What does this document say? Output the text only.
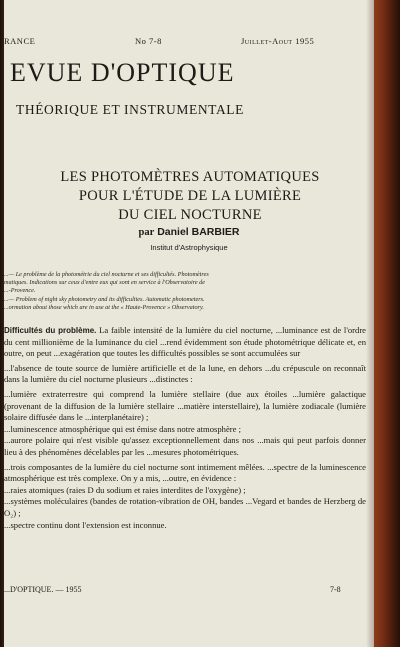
RANCE	No 7-8	Juillet-Aout 1955
EVUE D'OPTIQUE
THÉORIQUE ET INSTRUMENTALE
LES PHOTOMÈTRES AUTOMATIQUES
POUR L'ÉTUDE DE LA LUMIÈRE
DU CIEL NOCTURNE
par Daniel BARBIER
Institut d'Astrophysique

...— Le problème de la photométrie du ciel nocturne et ses difficultés. Photomètres

matiques. Indications sur ceux d'entre eux qui sont en service à l'Observatoire de

...-Provence.

...— Problem of night sky photometry and its difficulties. Automatic photometers.

...ormation about those which are in use at the « Haute-Provence » Observatory.

Difficultés du problème. La faible intensité de la lumière du ciel nocturne, ...luminance est de l'ordre du cent millionième de la luminance du ciel ...rend évidemment son étude photométrique délicate et, en outre, on peut ...exagération que toutes les difficultés possibles se sont accumulées sur

...l'absence de toute source de lumière artificielle et de la lune, en dehors ...du crépuscule on reconnaît dans la lumière du ciel nocturne plusieurs ...distinctes :

...lumière extraterrestre qui comprend la lumière stellaire (due aux étoiles ...lumière galactique (provenant de la diffusion de la lumière stellaire ...matière interstellaire), la lumière zodiacale (lumière solaire diffusée dans le ...interplanétaire) ;

...luminescence atmosphérique qui est émise dans notre atmosphère ;

...aurore polaire qui n'est visible qu'assez exceptionnellement dans nos ...mais qui peut parfois donner lieu à des phénomènes décelables par les ...mesures photométriques.

...trois composantes de la lumière du ciel nocturne sont intimement mêlées. ...spectre de la luminescence atmosphérique est très complexe. On y a mis, ...outre, en évidence :

...raies atomiques (raies D du sodium et raies interdites de l'oxygène) ;

...systèmes moléculaires (bandes de rotation-vibration de OH, bandes ...Vegard et bandes de Herzberg de O₂) ;

...spectre continu dont l'extension est inconnue.

...D'OPTIQUE. — 1955	7-8
